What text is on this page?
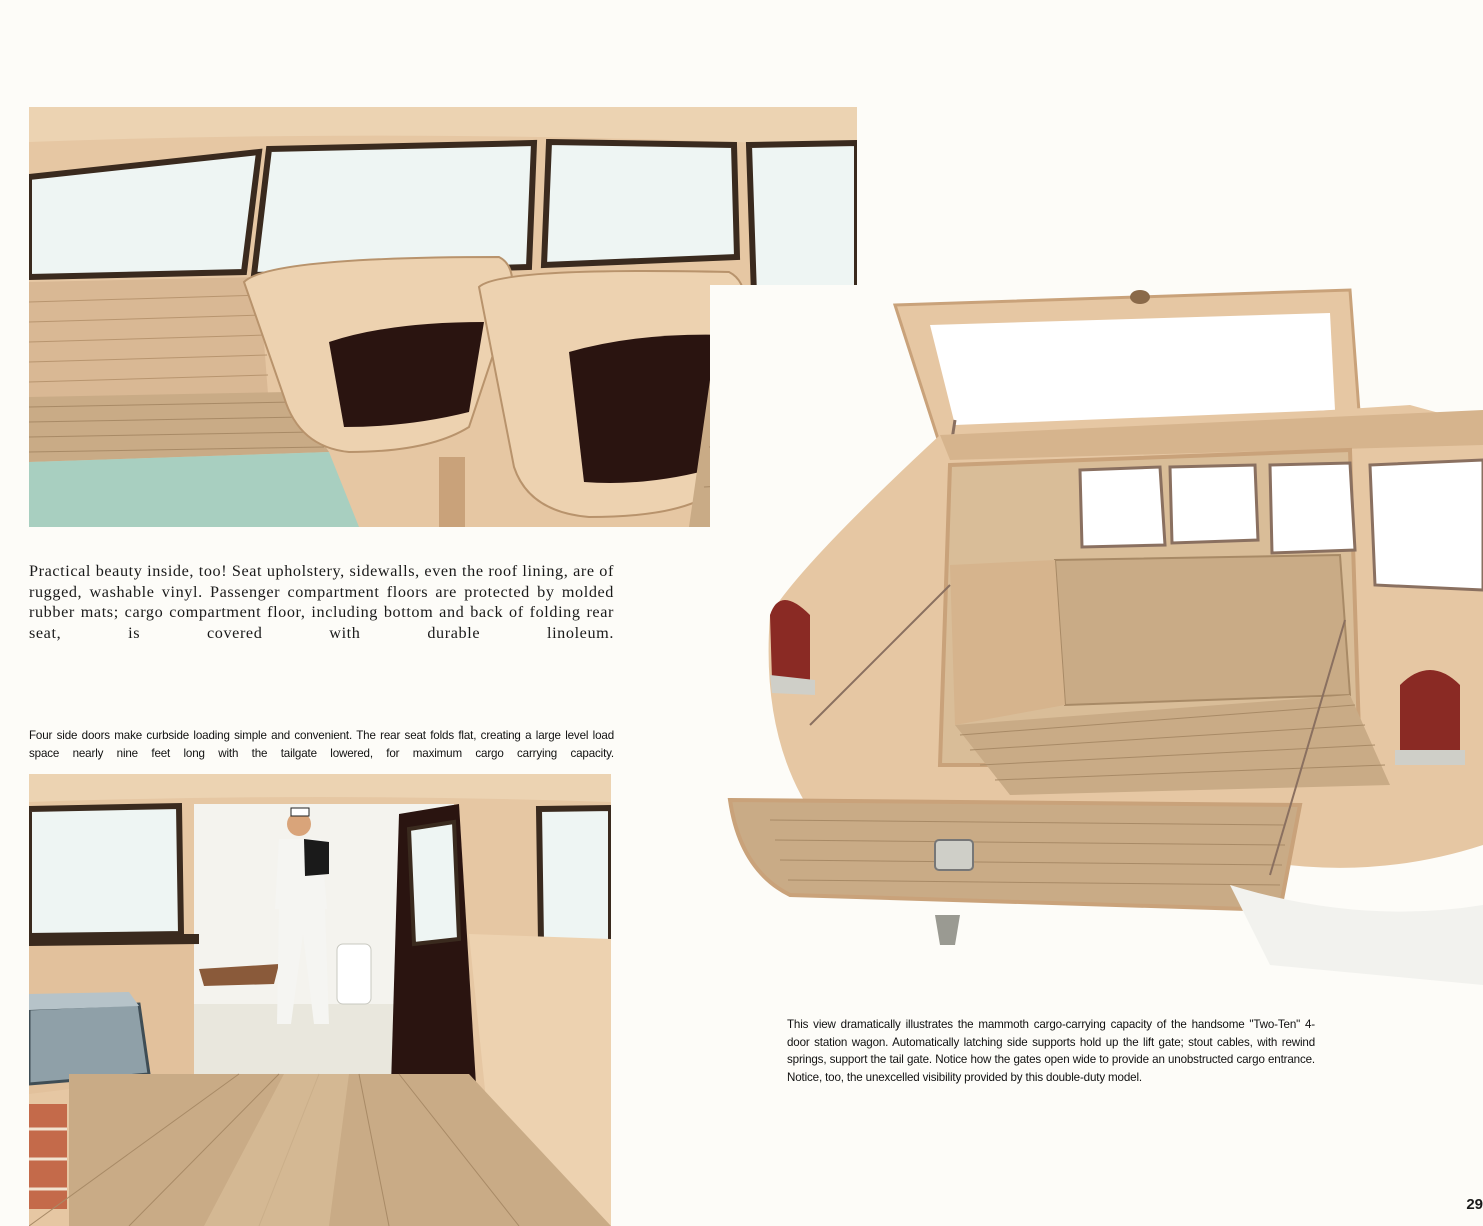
Practical beauty inside, too! Seat upholstery, sidewalls, even the roof lining, are of rugged, washable vinyl. Passenger compartment floors are protected by molded rubber mats; cargo compartment floor, including bottom and back of folding rear seat, is covered with durable linoleum.

Four side doors make curbside loading simple and convenient. The rear seat folds flat, creating a large level load space nearly nine feet long with the tailgate lowered, for maximum cargo carrying capacity.

This view dramatically illustrates the mammoth cargo-carrying capacity of the handsome "Two-Ten" 4-door station wagon. Automatically latching side supports hold up the lift gate; stout cables, with rewind springs, support the tail gate. Notice how the gates open wide to provide an unobstructed cargo entrance. Notice, too, the unexcelled visibility provided by this double-duty model.

29
